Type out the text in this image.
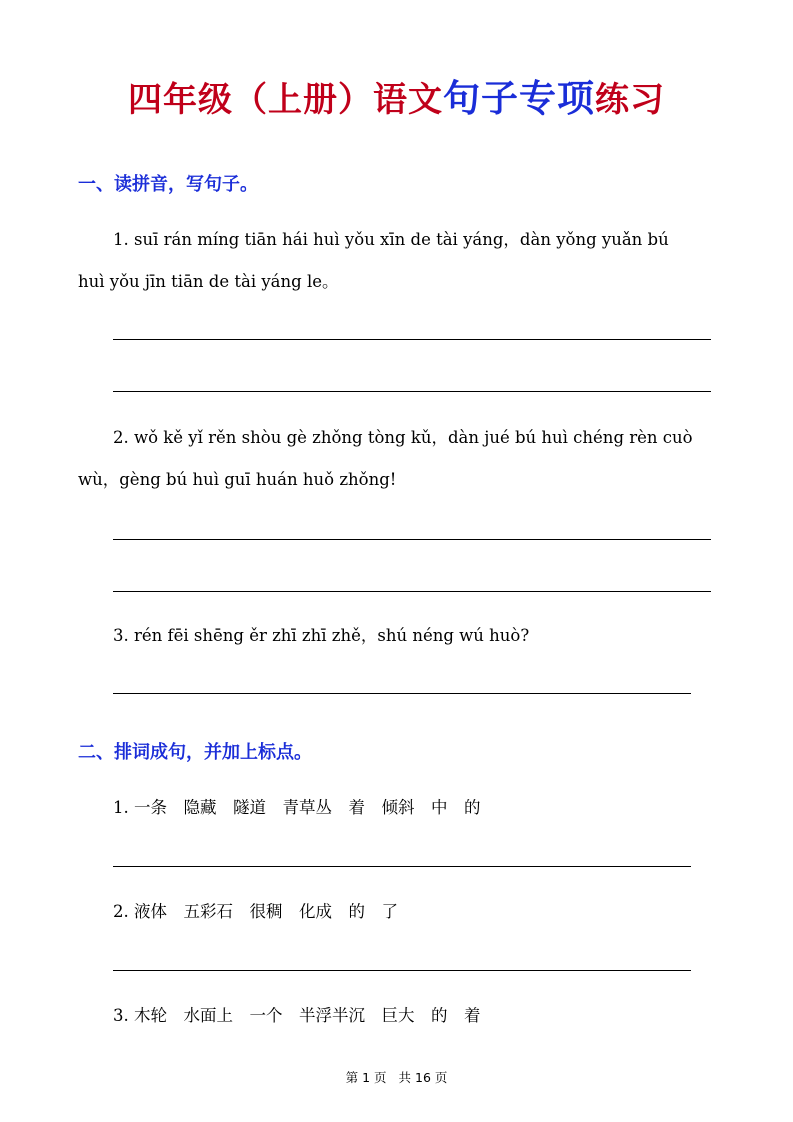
四年级（上册）语文句子专项练习
一、读拼音，写句子。
1. suī rán míng tiān hái huì yǒu xīn de tài yáng，dàn yǒng yuǎn bú
huì yǒu jīn tiān de tài yáng le。
2. wǒ kě yǐ rěn shòu gè zhǒng tòng kǔ，dàn jué bú huì chéng rèn cuò
wù，gèng bú huì guī huán huǒ zhǒng!
3. rén fēi shēng ěr zhī zhī zhě，shú néng wú huò?
二、排词成句，并加上标点。
1. 一条　隐藏　隧道　青草丛　着　倾斜　中　的
2. 液体　五彩石　很稠　化成　的　了
3. 木轮　水面上　一个　半浮半沉　巨大　的　着
第 1 页 共 16 页
